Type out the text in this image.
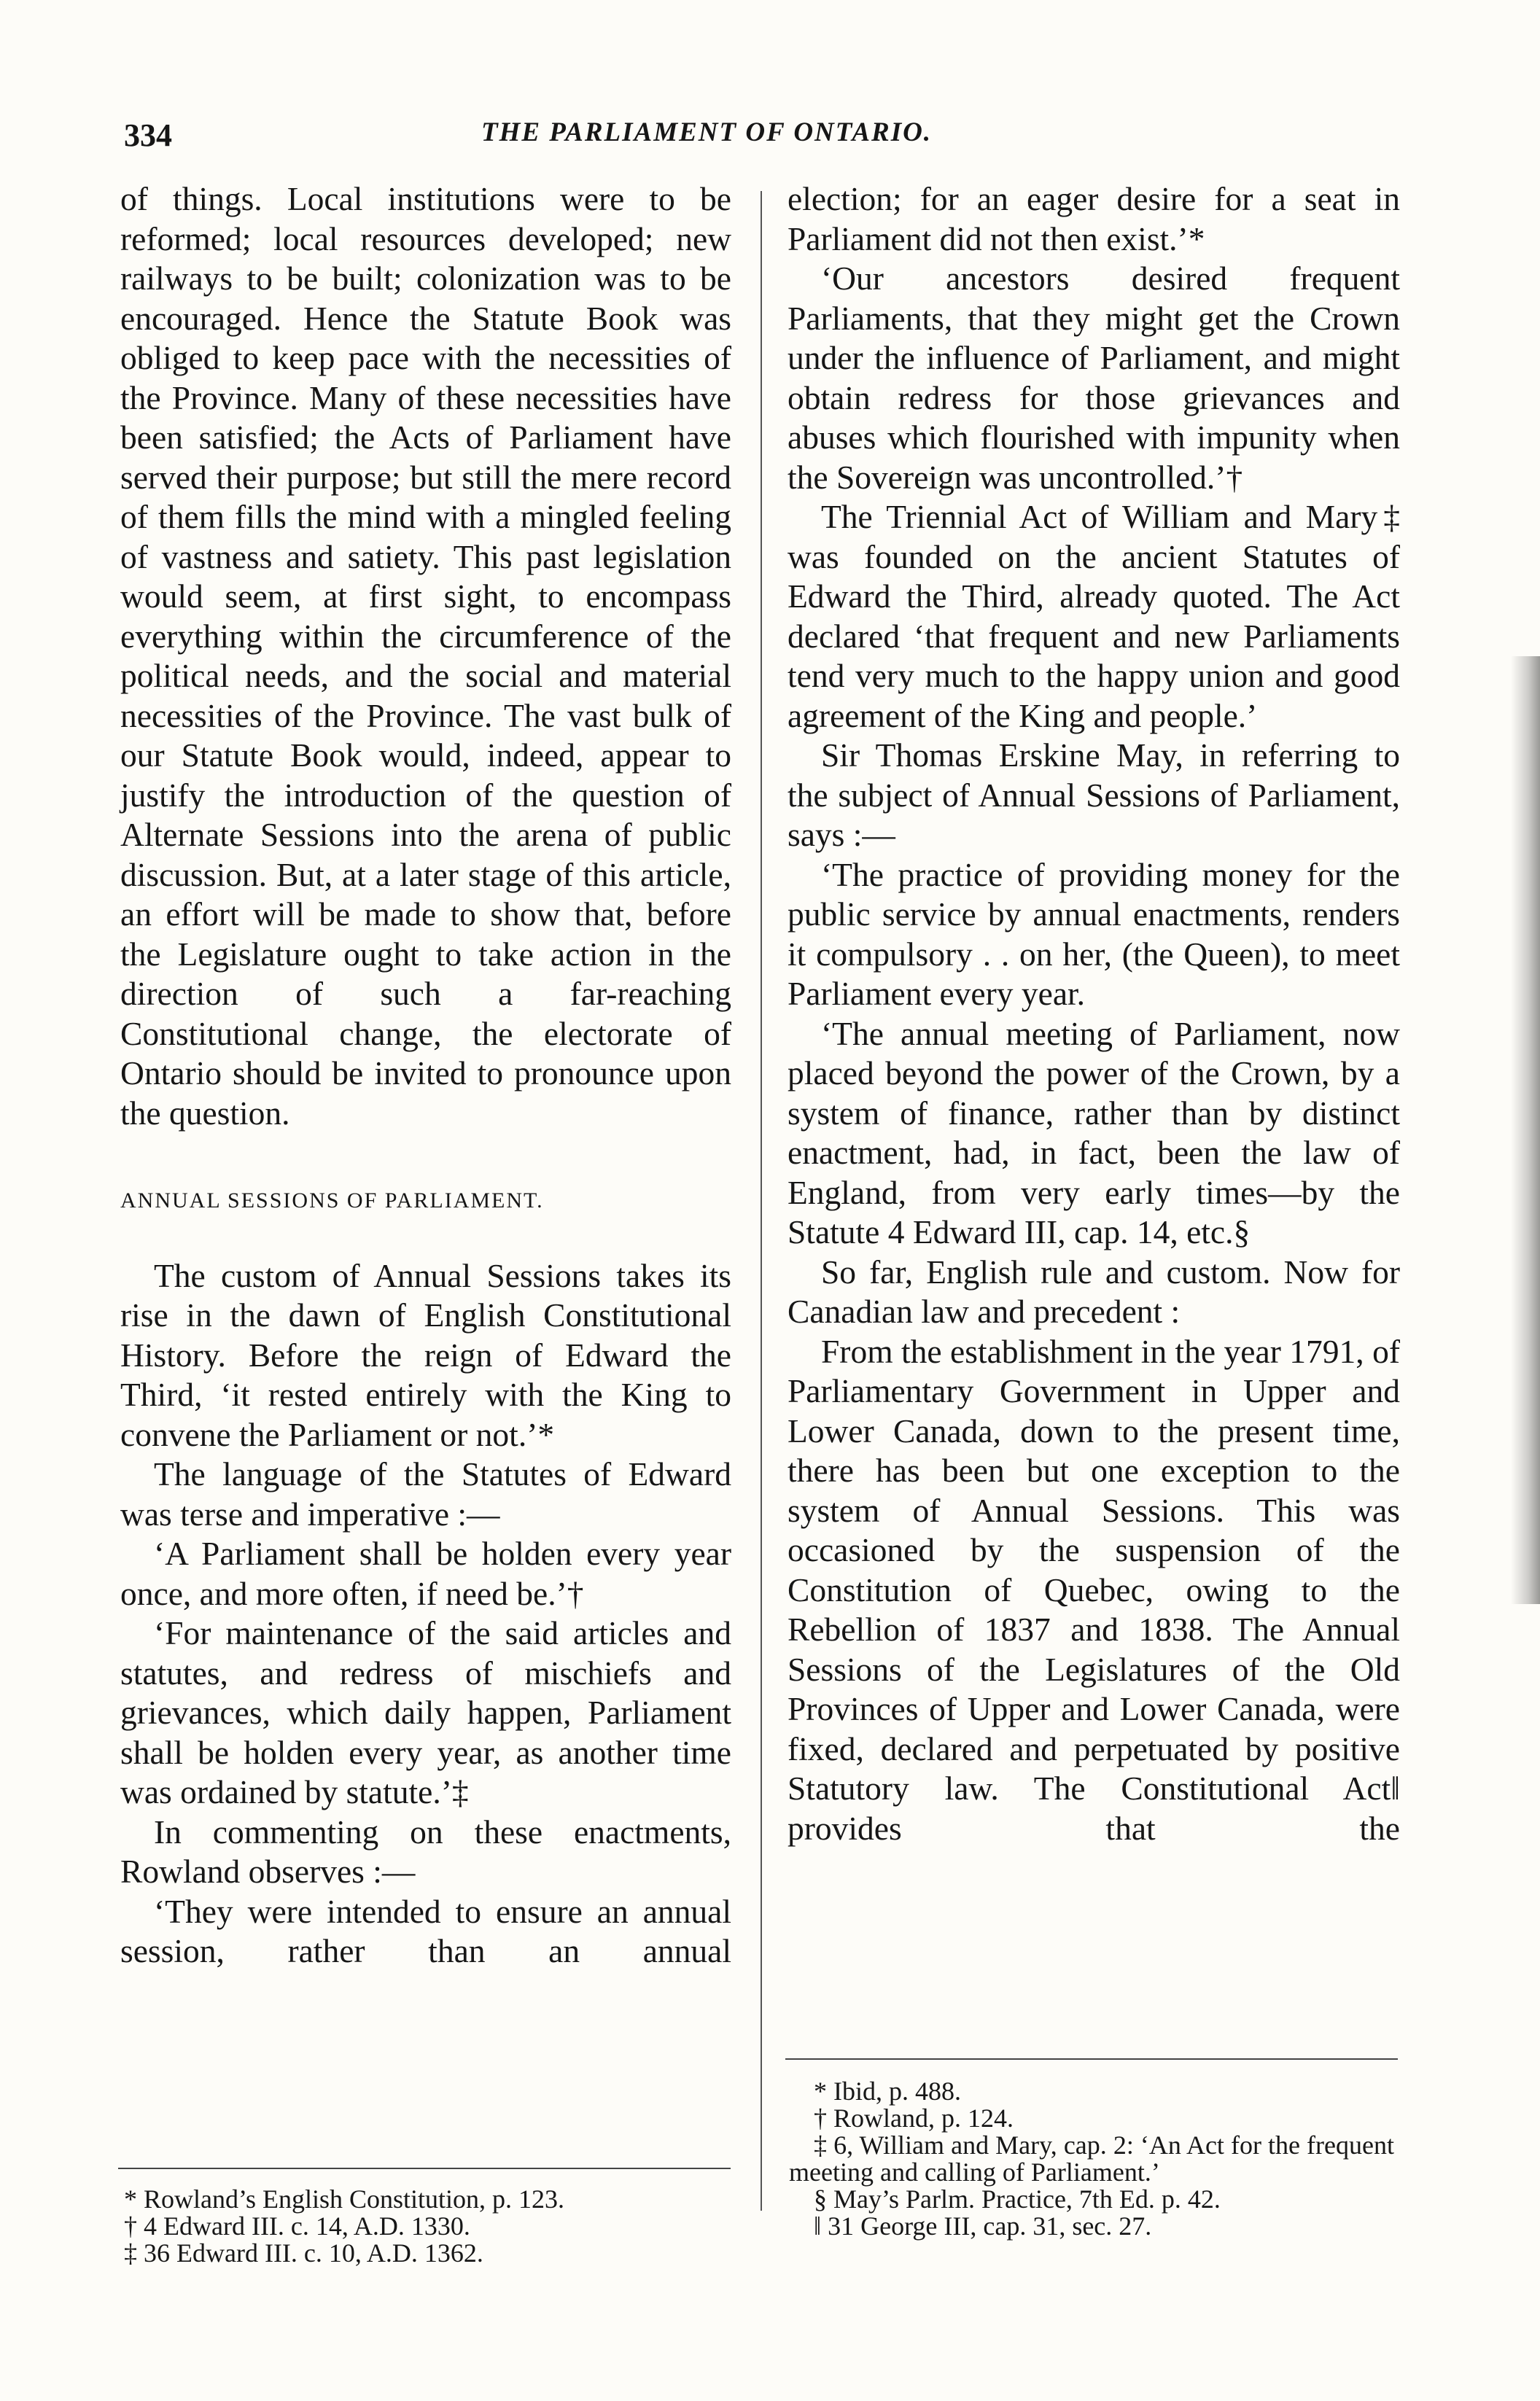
334	THE PARLIAMENT OF ONTARIO.

of things. Local institutions were to be reformed; local resources developed; new railways to be built; colonization was to be encouraged. Hence the Statute Book was obliged to keep pace with the necessities of the Province. Many of these necessities have been satisfied; the Acts of Parliament have served their purpose; but still the mere record of them fills the mind with a mingled feeling of vastness and satiety. This past legislation would seem, at first sight, to encompass everything within the circumference of the political needs, and the social and material necessities of the Province. The vast bulk of our Statute Book would, indeed, appear to justify the introduction of the question of Alternate Sessions into the arena of public discussion. But, at a later stage of this article, an effort will be made to show that, before the Legislature ought to take action in the direction of such a far-reaching Constitutional change, the electorate of Ontario should be invited to pronounce upon the question.

ANNUAL SESSIONS OF PARLIAMENT.

The custom of Annual Sessions takes its rise in the dawn of English Constitutional History. Before the reign of Edward the Third, ‘it rested entirely with the King to convene the Parliament or not.’*

The language of the Statutes of Edward was terse and imperative :—

‘A Parliament shall be holden every year once, and more often, if need be.’†

‘For maintenance of the said articles and statutes, and redress of mischiefs and grievances, which daily happen, Parliament shall be holden every year, as another time was ordained by statute.’‡

In commenting on these enactments, Rowland observes :—

‘They were intended to ensure an annual session, rather than an annual

election; for an eager desire for a seat in Parliament did not then exist.’*

‘Our ancestors desired frequent Parliaments, that they might get the Crown under the influence of Parliament, and might obtain redress for those grievances and abuses which flourished with impunity when the Sovereign was uncontrolled.’†

The Triennial Act of William and Mary‡ was founded on the ancient Statutes of Edward the Third, already quoted. The Act declared ‘that frequent and new Parliaments tend very much to the happy union and good agreement of the King and people.’

Sir Thomas Erskine May, in referring to the subject of Annual Sessions of Parliament, says :—

‘The practice of providing money for the public service by annual enactments, renders it compulsory . . on her, (the Queen), to meet Parliament every year.

‘The annual meeting of Parliament, now placed beyond the power of the Crown, by a system of finance, rather than by distinct enactment, had, in fact, been the law of England, from very early times—by the Statute 4 Edward III, cap. 14, etc.§

So far, English rule and custom. Now for Canadian law and precedent :

From the establishment in the year 1791, of Parliamentary Government in Upper and Lower Canada, down to the present time, there has been but one exception to the system of Annual Sessions. This was occasioned by the suspension of the Constitution of Quebec, owing to the Rebellion of 1837 and 1838. The Annual Sessions of the Legislatures of the Old Provinces of Upper and Lower Canada, were fixed, declared and perpetuated by positive Statutory law. The Constitutional Act‖ provides that the

* Rowland’s English Constitution, p. 123.

† 4 Edward III. c. 14, A.D. 1330.

‡ 36 Edward III. c. 10, A.D. 1362.

* Ibid, p. 488.

† Rowland, p. 124.

‡ 6, William and Mary, cap. 2: ‘An Act for the frequent meeting and calling of Parliament.’

§ May’s Parlm. Practice, 7th Ed. p. 42.

‖ 31 George III, cap. 31, sec. 27.
